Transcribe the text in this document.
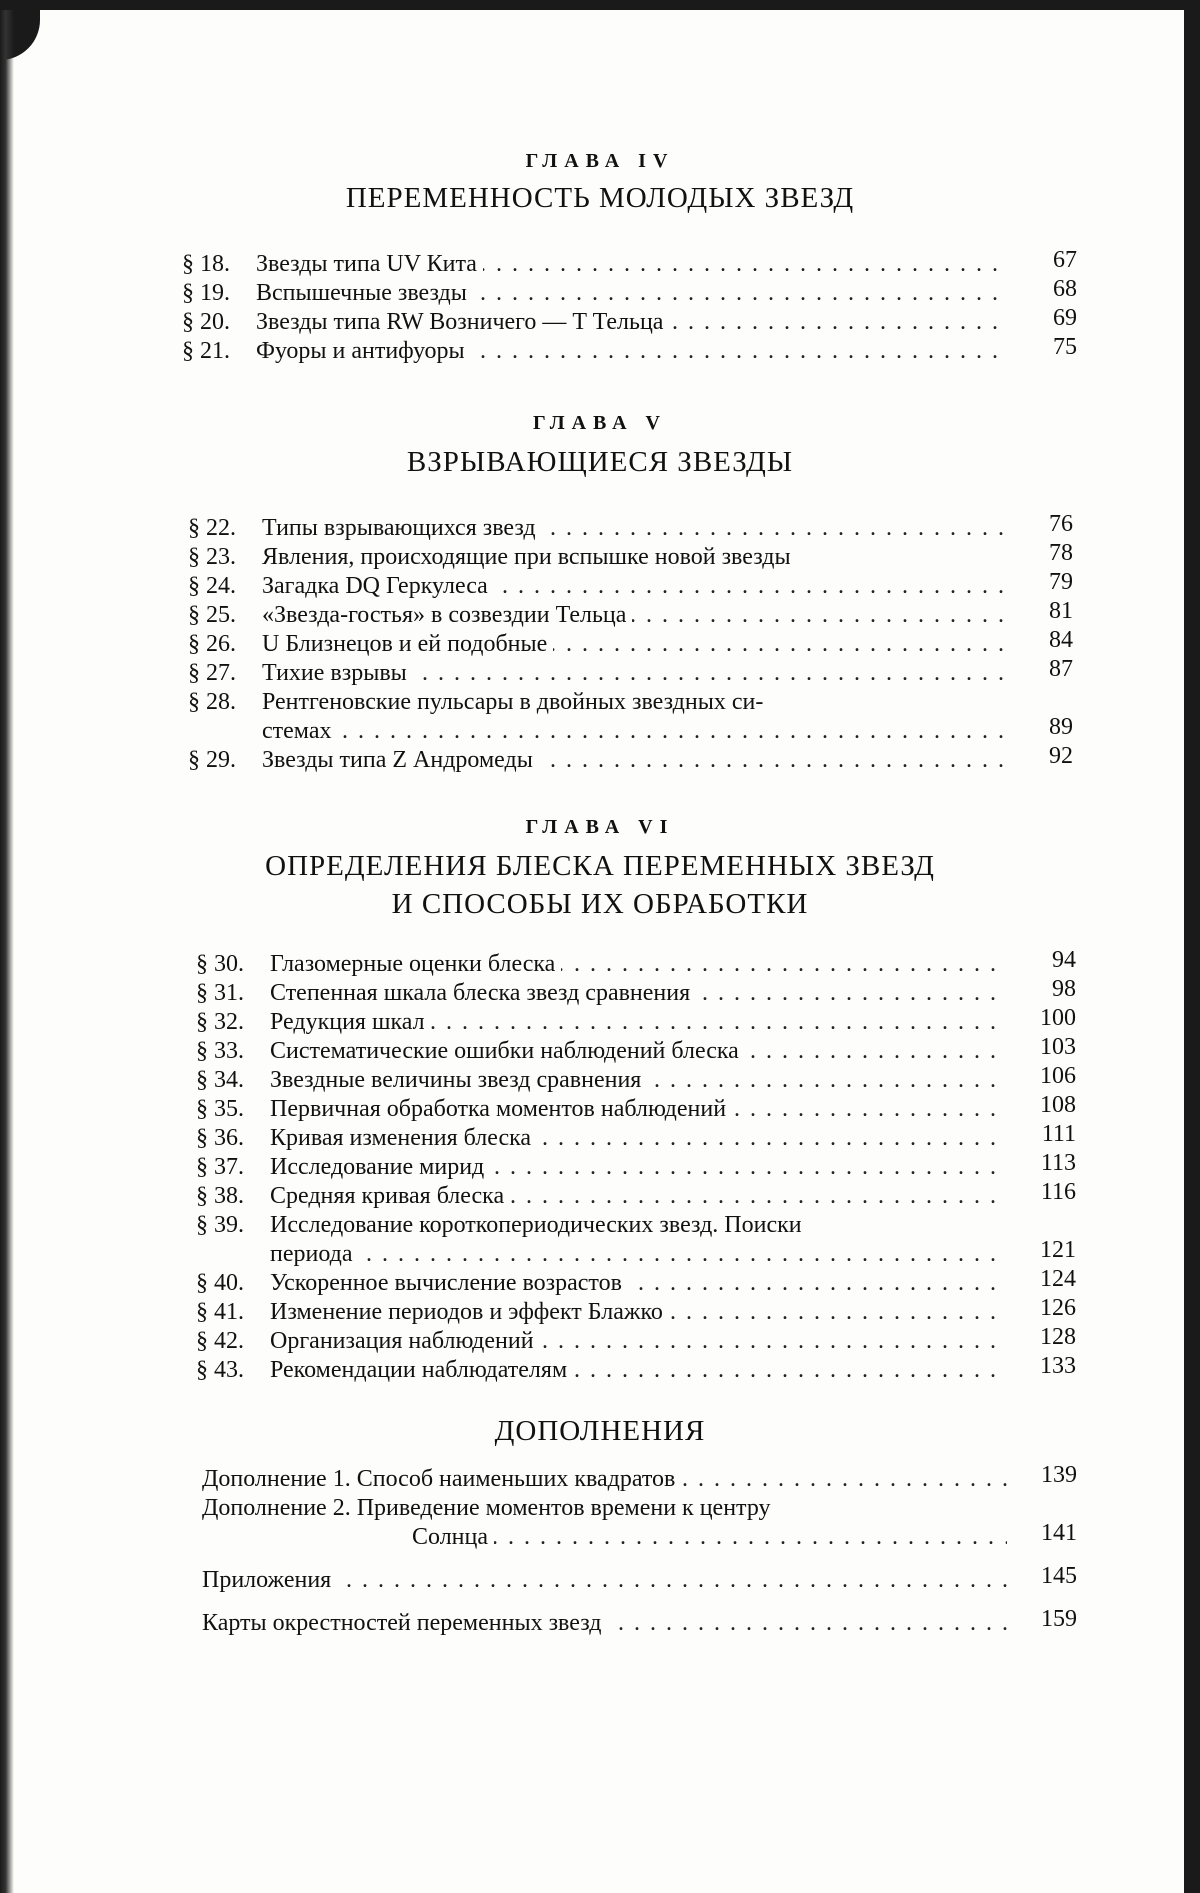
ГЛАВА IV
ПЕРЕМЕННОСТЬ МОЛОДЫХ ЗВЕЗД
§ 18.	Звезды типа UV Кита
...............................................	67
§ 19.	Вспышечные звезды
...............................................	68
§ 20.	Звезды типа RW Возничего — T Тельца	69
§ 21.	Фуоры и антифуоры
...............................................	75
ГЛАВА V
ВЗРЫВАЮЩИЕСЯ ЗВЕЗДЫ
§ 22.	Типы взрывающихся звезд
................................	76
§ 23.	Явления, происходящие при вспышке новой звезды	78
§ 24.	Загадка DQ Геркулеса
..............................................	79
§ 25.	«Звезда-гостья» в созвездии Тельца
.........................	81
§ 26.	U Близнецов и ей подобные
................................	84
§ 27.	Тихие взрывы
..............................................	87
§ 28.	Рентгеновские пульсары в двойных звездных си-
стемах
..............................................	89
§ 29.	Звезды типа Z Андромеды
................................	92
ГЛАВА VI
ОПРЕДЕЛЕНИЯ БЛЕСКА ПЕРЕМЕННЫХ ЗВЕЗД
И СПОСОБЫ ИХ ОБРАБОТКИ
§ 30.	Глазомерные оценки блеска
................................	94
§ 31.	Степенная шкала блеска звезд сравнения	98
§ 32.	Редукция шкал
..............................................	100
§ 33.	Систематические ошибки наблюдений блеска	103
§ 34.	Звездные величины звезд сравнения	106
§ 35.	Первичная обработка моментов наблюдений	108
§ 36.	Кривая изменения блеска
................................	111
§ 37.	Исследование мирид
..............................................	113
§ 38.	Средняя кривая блеска
................................	116
§ 39.	Исследование короткопериодических звезд. Поиски
периода
..............................................	121
§ 40.	Ускоренное вычисление возрастов
.........................	124
§ 41.	Изменение периодов и эффект Блажко	126
§ 42.	Организация наблюдений
................................	128
§ 43.	Рекомендации наблюдателям
................................	133
ДОПОЛНЕНИЯ
Дополнение 1. Способ наименьших квадратов	139
Дополнение 2. Приведение моментов времени к центру
Солнца
.....................................	141
Приложения
..................................................	145
Карты окрестностей переменных звезд	159
